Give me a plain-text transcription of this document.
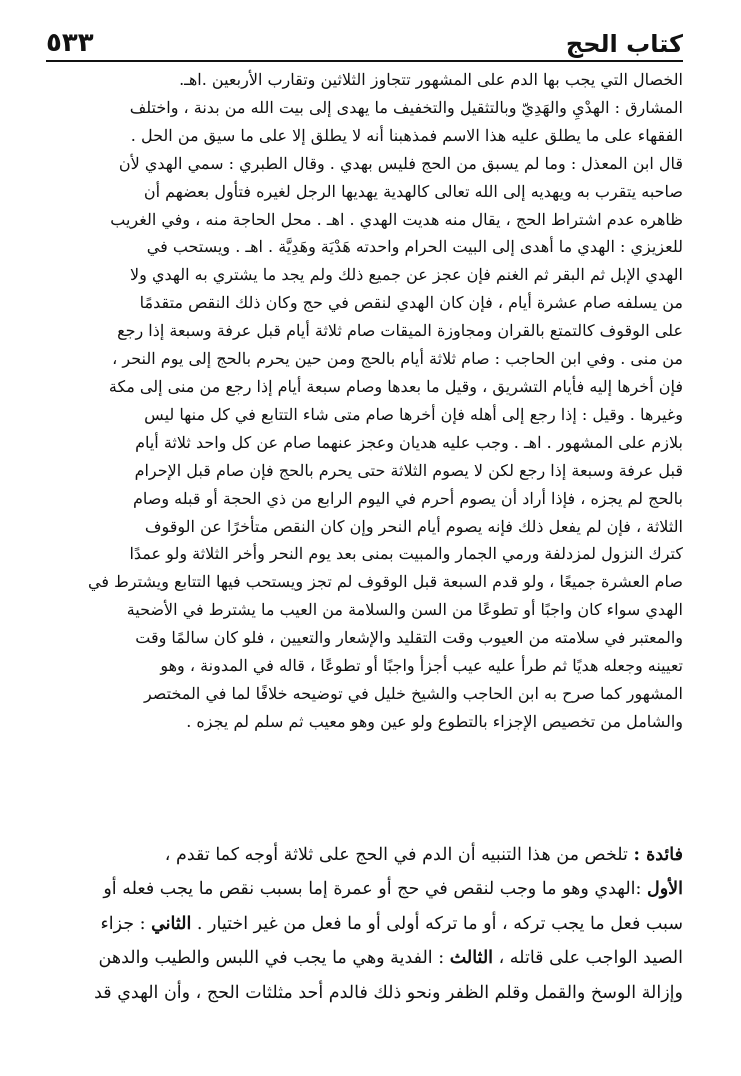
كتاب الحج
٥٣٣
الخصال التي يجب بها الدم على المشهور تتجاوز الثلاثين وتقارب الأربعين .اهـ.
المشارق : الهدْيِ والهَدِيّ وبالتثقيل والتخفيف ما يهدى إلى بيت الله من بدنة ، واختلف
الفقهاء على ما يطلق عليه هذا الاسم فمذهبنا أنه لا يطلق إلا على ما سيق من الحل .
قال ابن المعذل : وما لم يسبق من الحج فليس بهدي . وقال الطبري : سمي الهدي لأن
صاحبه يتقرب به ويهديه إلى الله تعالى كالهدية يهديها الرجل لغيره فتأول بعضهم أن
ظاهره عدم اشتراط الحج ، يقال منه هديت الهدي . اهـ . محل الحاجة منه ، وفي الغريب
للعزيزي : الهدي ما أهدى إلى البيت الحرام واحدته هَدْيَة وهَدِيَّة . اهـ . ويستحب في
الهدي الإبل ثم البقر ثم الغنم فإن عجز عن جميع ذلك ولم يجد ما يشتري به الهدي ولا
من يسلفه صام عشرة أيام ، فإن كان الهدي لنقص في حج وكان ذلك النقص متقدمًا
على الوقوف كالتمتع بالقران ومجاوزة الميقات صام ثلاثة أيام قبل عرفة وسبعة إذا رجع
من منى . وفي ابن الحاجب : صام ثلاثة أيام بالحج ومن حين يحرم بالحج إلى يوم النحر ،
فإن أخرها إليه فأيام التشريق ، وقيل ما بعدها وصام سبعة أيام إذا رجع من منى إلى مكة
وغيرها . وقيل : إذا رجع إلى أهله فإن أخرها صام متى شاء التتابع في كل منها ليس
بلازم على المشهور . اهـ . وجب عليه هديان وعجز عنهما صام عن كل واحد ثلاثة أيام
قبل عرفة وسبعة إذا رجع لكن لا يصوم الثلاثة حتى يحرم بالحج فإن صام قبل الإحرام
بالحج لم يجزه ، فإذا أراد أن يصوم أحرم في اليوم الرابع من ذي الحجة أو قبله وصام
الثلاثة ، فإن لم يفعل ذلك فإنه يصوم أيام النحر وإن كان النقص متأخرًا عن الوقوف
كترك النزول لمزدلفة ورمي الجمار والمبيت بمنى بعد يوم النحر وأخر الثلاثة ولو عمدًا
صام العشرة جميعًا ، ولو قدم السبعة قبل الوقوف لم تجز ويستحب فيها التتابع ويشترط في
الهدي سواء كان واجبًا أو تطوعًا من السن والسلامة من العيب ما يشترط في الأضحية
والمعتبر في سلامته من العيوب وقت التقليد والإشعار والتعيين ، فلو كان سالمًا وقت
تعيينه وجعله هديًا ثم طرأ عليه عيب أجزأ واجبًا أو تطوعًا ، قاله في المدونة ، وهو
المشهور كما صرح به ابن الحاجب والشيخ خليل في توضيحه خلافًا لما في المختصر
والشامل من تخصيص الإجزاء بالتطوع ولو عين وهو معيب ثم سلم لم يجزه .
فائدة : تلخص من هذا التنبيه أن الدم في الحج على ثلاثة أوجه كما تقدم ،
الأول :الهدي وهو ما وجب لنقص في حج أو عمرة إما بسبب نقص ما يجب فعله أو
سبب فعل ما يجب تركه ، أو ما تركه أولى أو ما فعل من غير اختيار . الثاني : جزاء
الصيد الواجب على قاتله ، الثالث : الفدية وهي ما يجب في اللبس والطيب والدهن
وإزالة الوسخ والقمل وقلم الظفر ونحو ذلك فالدم أحد مثلثات الحج ، وأن الهدي قد
